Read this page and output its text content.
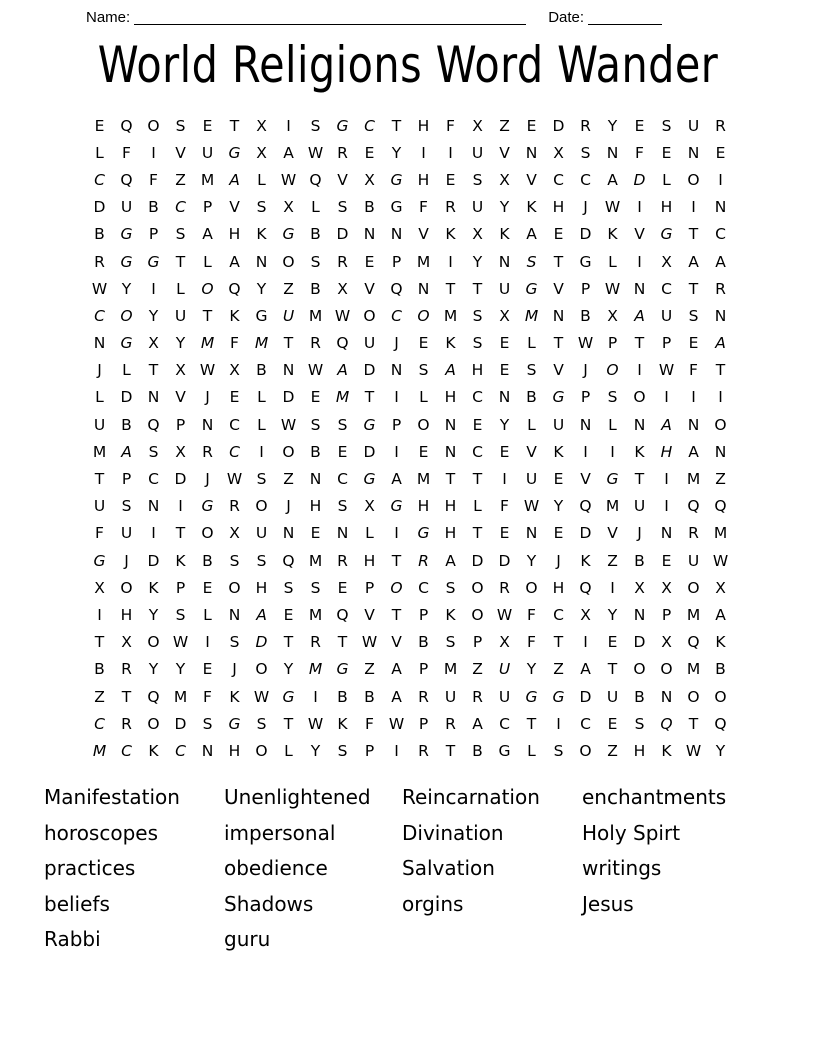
Name:	Date:
World Religions Word Wander
E	Q O	S	E	T	X	I	S	G	C	T	H	F	X	Z	E	D	R	Y	E	S	U	R
L	F	I	V	U G	X	A W R	E	Y	I	I	U	V	N	X	S	N	F	E	N	E
C Q	F	Z M A	L W Q	V	X	G H	E	S	X	V	C	C	A	D	L	O	I
D U	B	C	P	V	S	X	L	S	B	G	F	R	U	Y	K	H	J	W	I	H	I	N
B	G	P	S	A	H	K	G	B	D N N	V	K	X	K	A	E	D	K	V	G	T	C
R	G G	T	L	A	N O	S	R	E	P	M	I	Y	N	S	T	G	L	I	X	A	A
W Y	I	L	O Q	Y	Z	B	X	V	Q N	T	T	U G	V	P W N	C	T	R
C O	Y	U	T	K	G U M W O C O M S	X M N	B	X	A	U	S	N
N G	X	Y	M	F	M	T	R	Q U	J	E	K	S	E	L	T W P	T	P	E	A
J	L	T	X W X	B	N W A	D N	S	A	H	E	S	V	J	O	I	W F	T
L	D N	V	J	E	L	D	E M	T	I	L	H	C	N	B	G	P	S	O	I	I	I
U	B	Q	P	N	C	L W S	S	G	P	O N	E	Y	L	U	N	L	N	A	N O
M A	S	X	R	C	I	O	B	E	D	I	E	N	C	E	V	K	I	I	K	H	A	N
T	P	C	D	J	W S	Z	N	C	G	A M	T	T	I	U	E	V	G	T	I	M Z
U	S	N	I	G	R	O	J	H	S	X	G H H	L	F W Y	Q M U	I	Q Q
F	U	I	T	O	X	U	N	E	N	L	I	G H	T	E	N	E	D	V	J	N	R M
G	J	D	K	B	S	S	Q M R	H	T	R	A	D D	Y	J	K	Z	B	E	U W
X	O	K	P	E	O H	S	S	E	P	O C	S	O	R	O H Q	I	X	X	O	X
I	H	Y	S	L	N	A	E M Q	V	T	P	K	O W F	C	X	Y	N	P	M A
T	X	O W	I	S	D	T	R	T W V	B	S	P	X	F	T	I	E	D	X	Q	K
B	R	Y	Y	E	J	O	Y	M G	Z	A	P	M Z	U	Y	Z	A	T	O O M B
Z	T	Q M	F	K W G	I	B	B	A	R	U	R	U G G D U	B	N O O
C	R	O D	S	G	S	T W K	F W P	R	A	C	T	I	C	E	S	Q	T	Q
M C	K	C	N H O	L	Y	S	P	I	R	T	B	G	L	S	O	Z	H	K W Y
Manifestation
horoscopes
practices
beliefs
Rabbi
Unenlightened
impersonal
obedience
Shadows
guru
Reincarnation
Divination
Salvation
orgins
enchantments
Holy Spirt
writings
Jesus
